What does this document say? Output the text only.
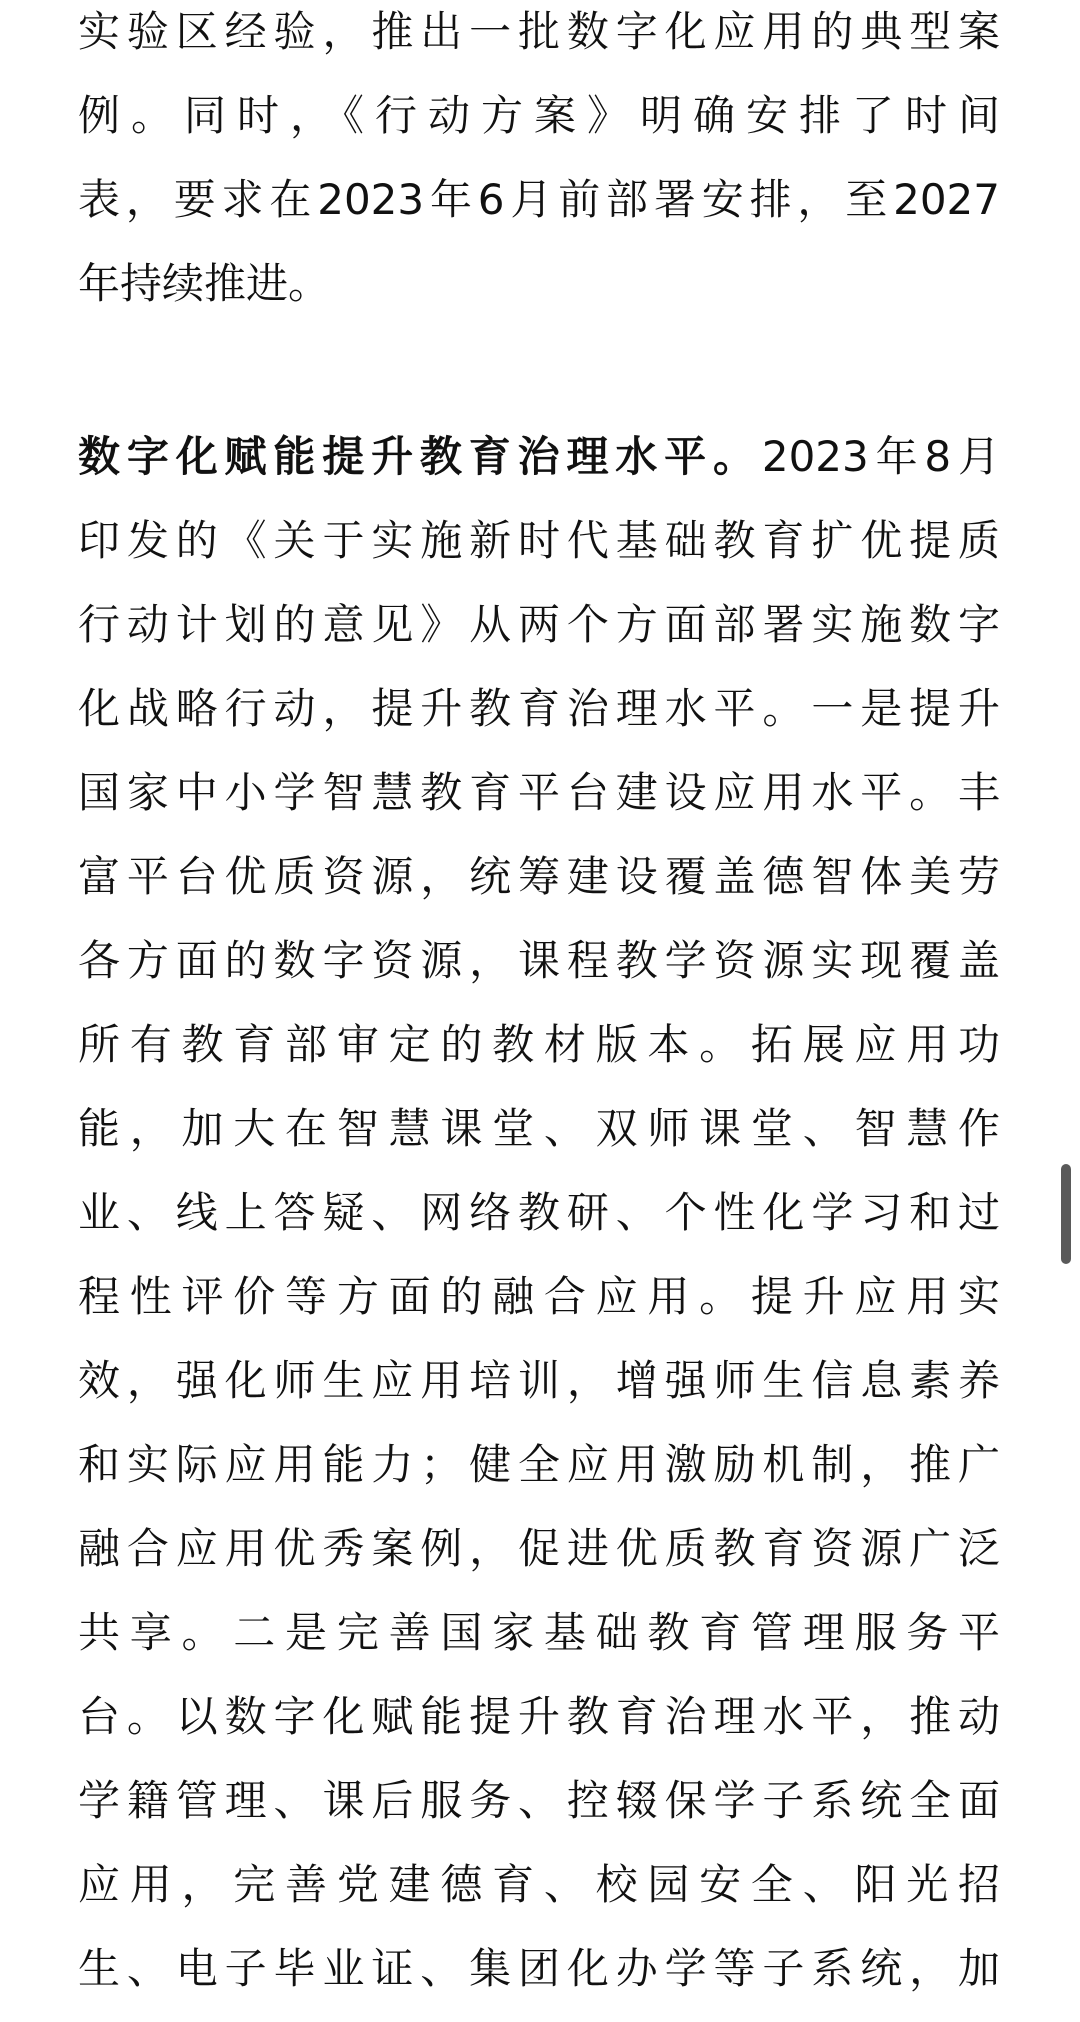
实验区经验，推出一批数字化应用的典型案
例。同时，《行动方案》明确安排了时间
表，要求在2023年6月前部署安排，至2027
年持续推进。
数字化赋能提升教育治理水平。2023年8月
印发的《关于实施新时代基础教育扩优提质
行动计划的意见》从两个方面部署实施数字
化战略行动，提升教育治理水平。一是提升
国家中小学智慧教育平台建设应用水平。丰
富平台优质资源，统筹建设覆盖德智体美劳
各方面的数字资源，课程教学资源实现覆盖
所有教育部审定的教材版本。拓展应用功
能，加大在智慧课堂、双师课堂、智慧作
业、线上答疑、网络教研、个性化学习和过
程性评价等方面的融合应用。提升应用实
效，强化师生应用培训，增强师生信息素养
和实际应用能力；健全应用激励机制，推广
融合应用优秀案例，促进优质教育资源广泛
共享。二是完善国家基础教育管理服务平
台。以数字化赋能提升教育治理水平，推动
学籍管理、课后服务、控辍保学子系统全面
应用，完善党建德育、校园安全、阳光招
生、电子毕业证、集团化办学等子系统，加
